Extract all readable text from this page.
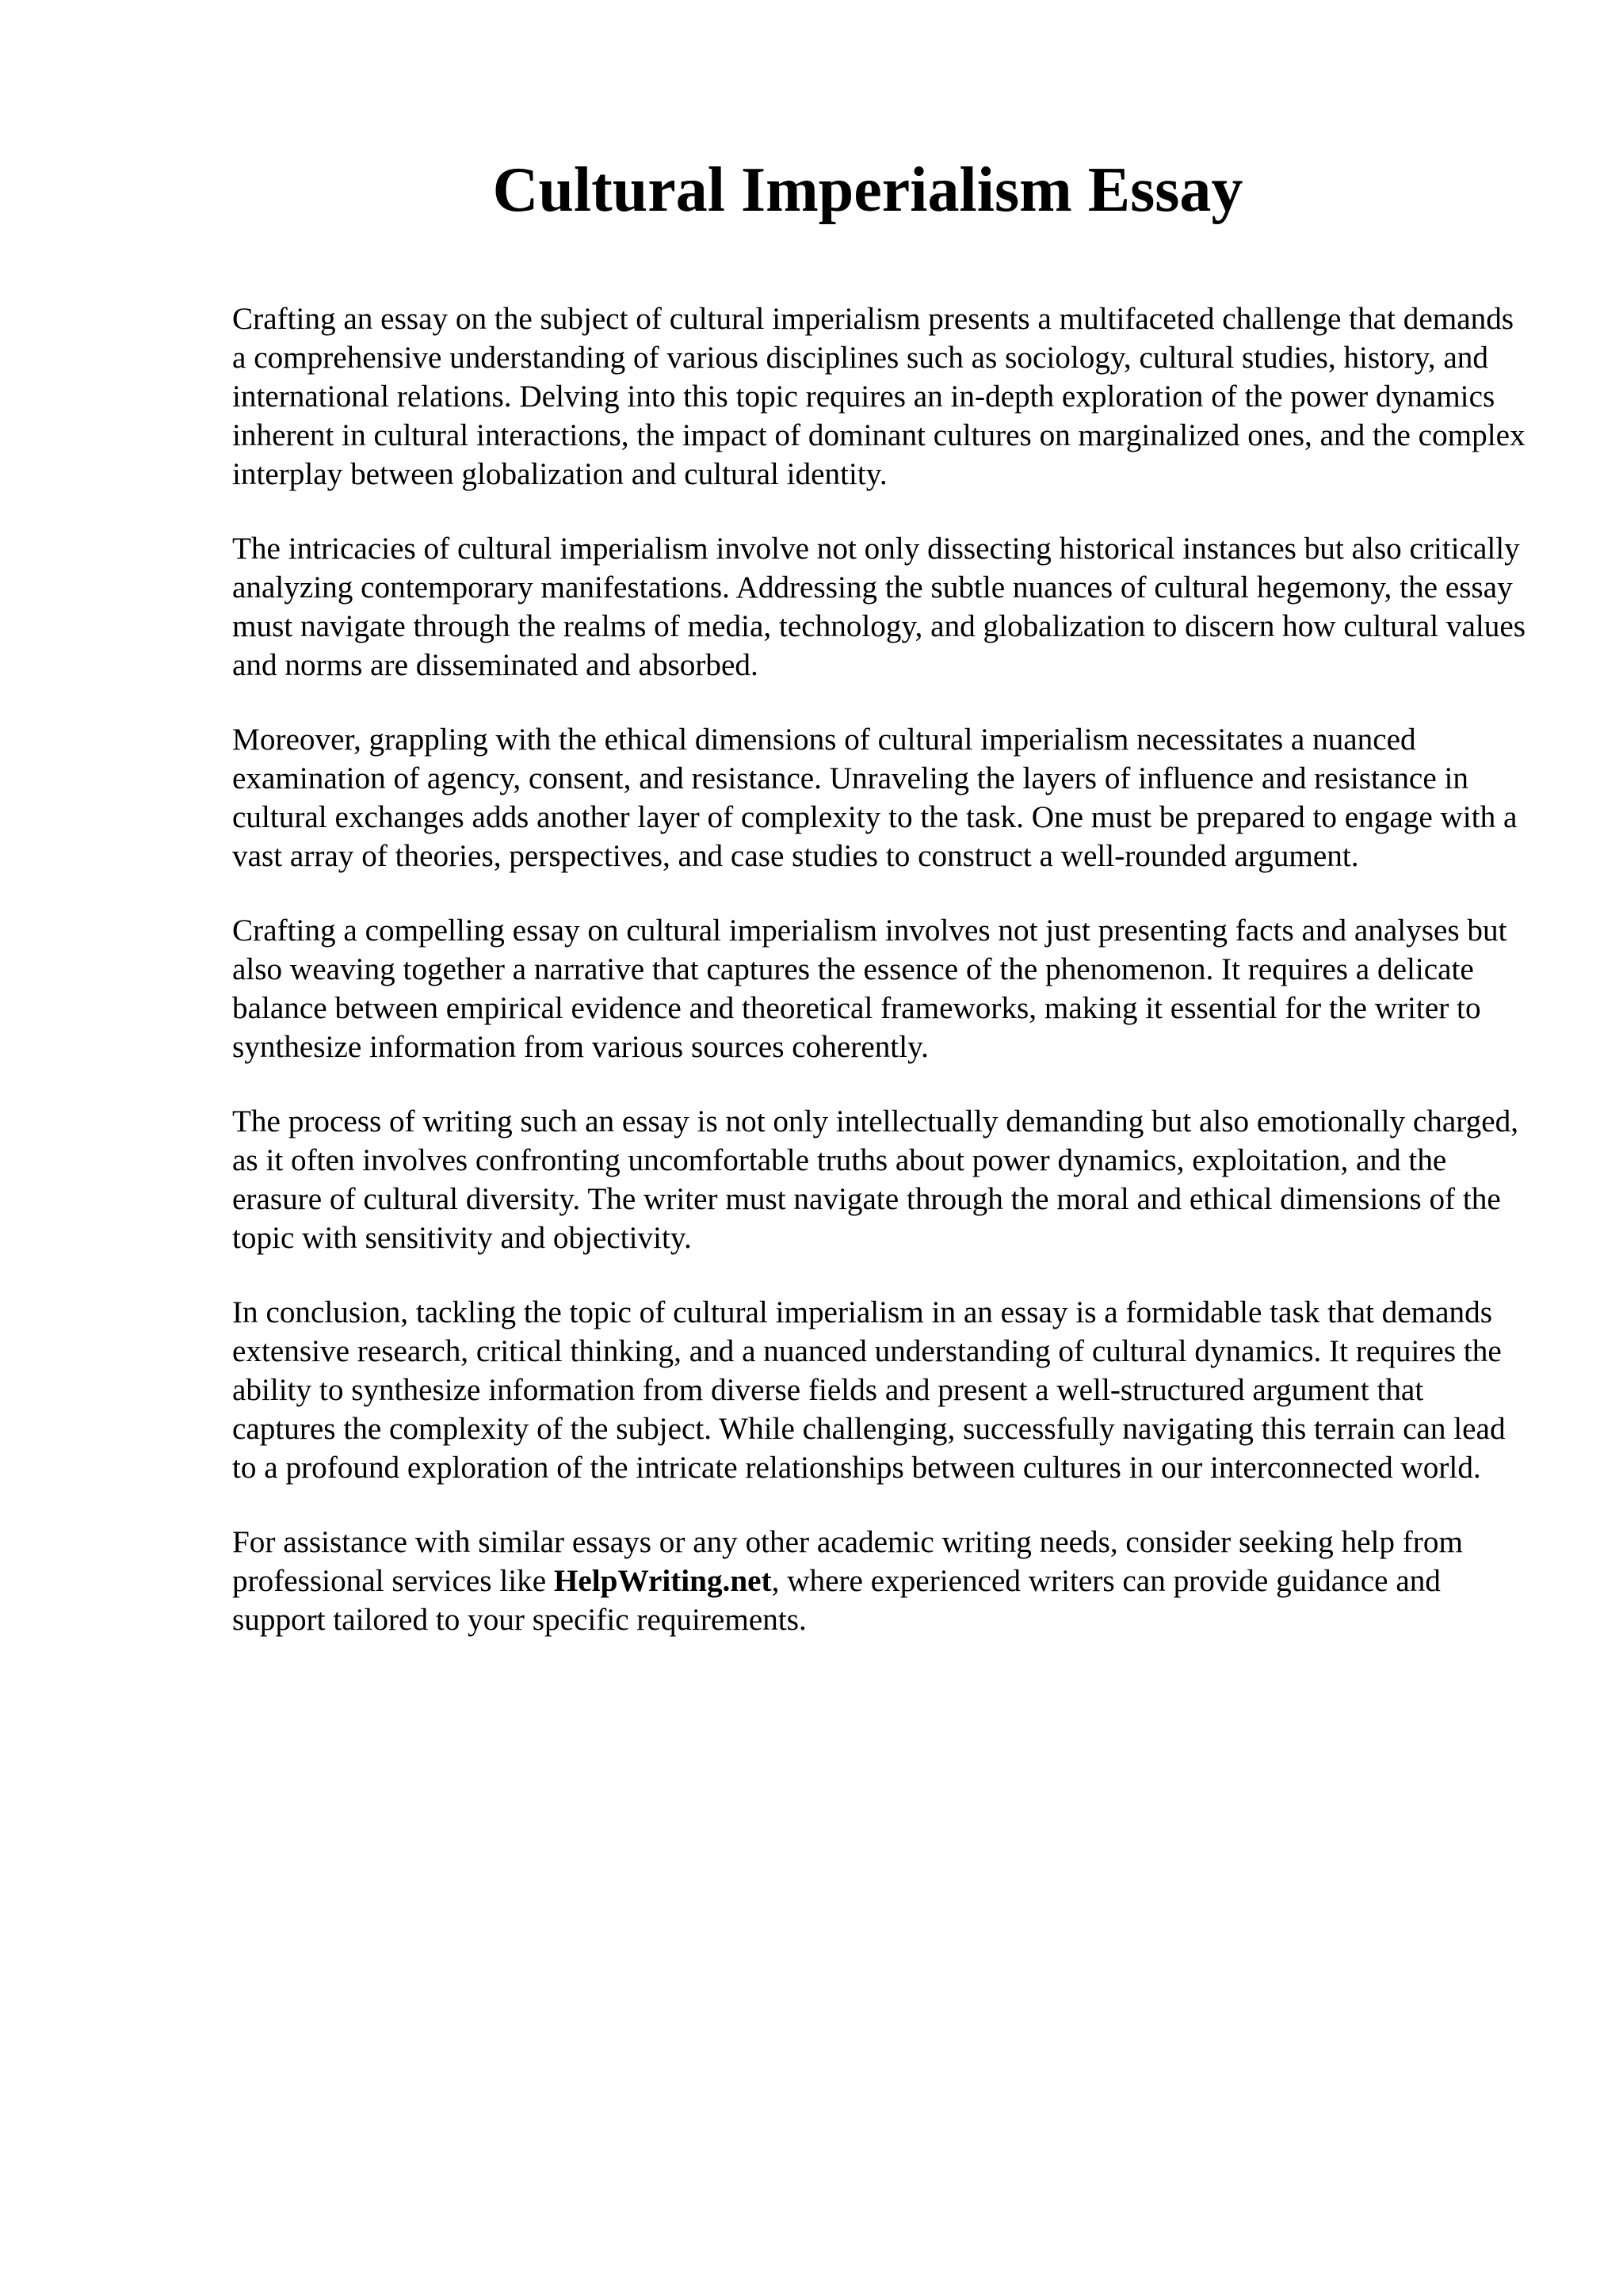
Cultural Imperialism Essay

Crafting an essay on the subject of cultural imperialism presents a multifaceted challenge that demands a comprehensive understanding of various disciplines such as sociology, cultural studies, history, and international relations. Delving into this topic requires an in-depth exploration of the power dynamics inherent in cultural interactions, the impact of dominant cultures on marginalized ones, and the complex interplay between globalization and cultural identity.

The intricacies of cultural imperialism involve not only dissecting historical instances but also critically analyzing contemporary manifestations. Addressing the subtle nuances of cultural hegemony, the essay must navigate through the realms of media, technology, and globalization to discern how cultural values and norms are disseminated and absorbed.

Moreover, grappling with the ethical dimensions of cultural imperialism necessitates a nuanced examination of agency, consent, and resistance. Unraveling the layers of influence and resistance in cultural exchanges adds another layer of complexity to the task. One must be prepared to engage with a vast array of theories, perspectives, and case studies to construct a well-rounded argument.

Crafting a compelling essay on cultural imperialism involves not just presenting facts and analyses but also weaving together a narrative that captures the essence of the phenomenon. It requires a delicate balance between empirical evidence and theoretical frameworks, making it essential for the writer to synthesize information from various sources coherently.

The process of writing such an essay is not only intellectually demanding but also emotionally charged, as it often involves confronting uncomfortable truths about power dynamics, exploitation, and the erasure of cultural diversity. The writer must navigate through the moral and ethical dimensions of the topic with sensitivity and objectivity.

In conclusion, tackling the topic of cultural imperialism in an essay is a formidable task that demands extensive research, critical thinking, and a nuanced understanding of cultural dynamics. It requires the ability to synthesize information from diverse fields and present a well-structured argument that captures the complexity of the subject. While challenging, successfully navigating this terrain can lead to a profound exploration of the intricate relationships between cultures in our interconnected world.

For assistance with similar essays or any other academic writing needs, consider seeking help from professional services like HelpWriting.net, where experienced writers can provide guidance and support tailored to your specific requirements.
